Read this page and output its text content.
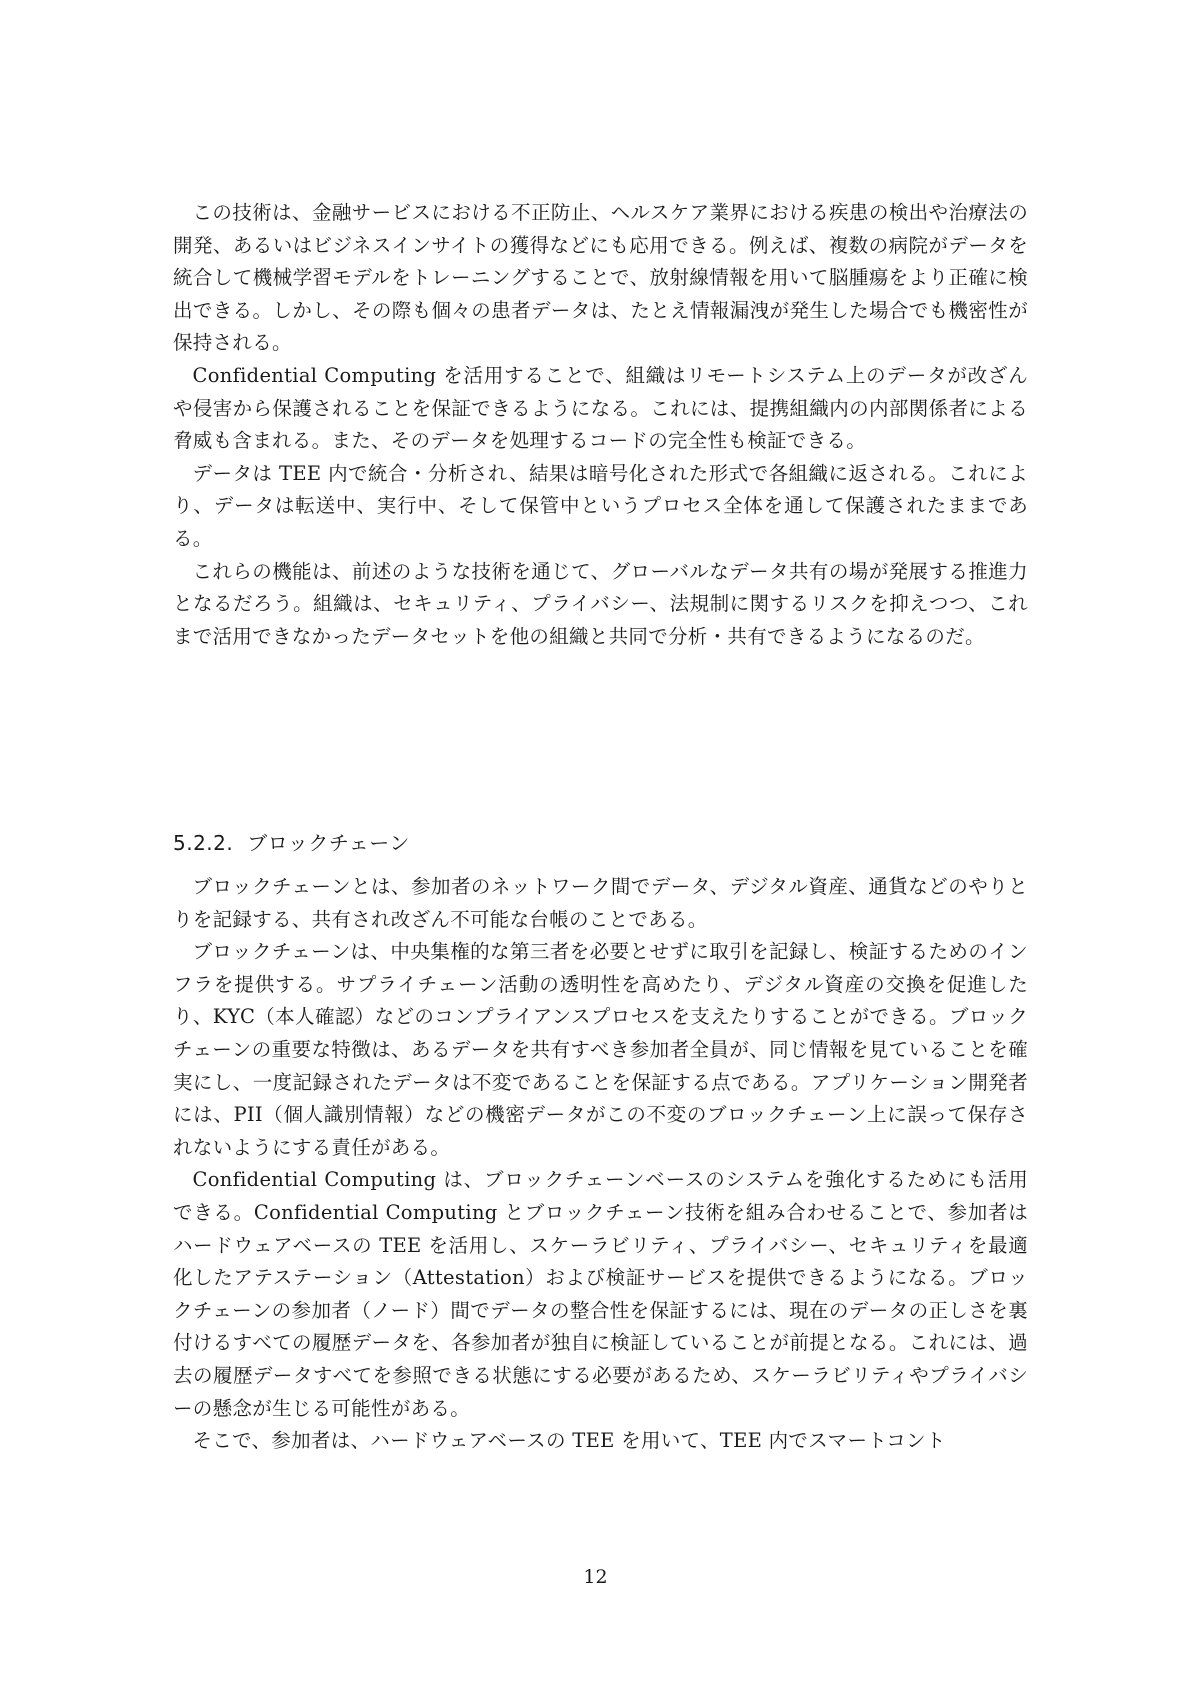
この技術は、金融サービスにおける不正防止、ヘルスケア業界における疾患の検出や治療法の開発、あるいはビジネスインサイトの獲得などにも応用できる。例えば、複数の病院がデータを統合して機械学習モデルをトレーニングすることで、放射線情報を用いて脳腫瘍をより正確に検出できる。しかし、その際も個々の患者データは、たとえ情報漏洩が発生した場合でも機密性が保持される。

Confidential Computing を活用することで、組織はリモートシステム上のデータが改ざんや侵害から保護されることを保証できるようになる。これには、提携組織内の内部関係者による脅威も含まれる。また、そのデータを処理するコードの完全性も検証できる。

データは TEE 内で統合・分析され、結果は暗号化された形式で各組織に返される。これにより、データは転送中、実行中、そして保管中というプロセス全体を通して保護されたままである。

これらの機能は、前述のような技術を通じて、グローバルなデータ共有の場が発展する推進力となるだろう。組織は、セキュリティ、プライバシー、法規制に関するリスクを抑えつつ、これまで活用できなかったデータセットを他の組織と共同で分析・共有できるようになるのだ。

5.2.2. ブロックチェーン

ブロックチェーンとは、参加者のネットワーク間でデータ、デジタル資産、通貨などのやりとりを記録する、共有され改ざん不可能な台帳のことである。

ブロックチェーンは、中央集権的な第三者を必要とせずに取引を記録し、検証するためのインフラを提供する。サプライチェーン活動の透明性を高めたり、デジタル資産の交換を促進したり、KYC（本人確認）などのコンプライアンスプロセスを支えたりすることができる。ブロックチェーンの重要な特徴は、あるデータを共有すべき参加者全員が、同じ情報を見ていることを確実にし、一度記録されたデータは不変であることを保証する点である。アプリケーション開発者には、PII（個人識別情報）などの機密データがこの不変のブロックチェーン上に誤って保存されないようにする責任がある。

Confidential Computing は、ブロックチェーンベースのシステムを強化するためにも活用できる。Confidential Computing とブロックチェーン技術を組み合わせることで、参加者はハードウェアベースの TEE を活用し、スケーラビリティ、プライバシー、セキュリティを最適化したアテステーション（Attestation）および検証サービスを提供できるようになる。ブロックチェーンの参加者（ノード）間でデータの整合性を保証するには、現在のデータの正しさを裏付けるすべての履歴データを、各参加者が独自に検証していることが前提となる。これには、過去の履歴データすべてを参照できる状態にする必要があるため、スケーラビリティやプライバシーの懸念が生じる可能性がある。

そこで、参加者は、ハードウェアベースの TEE を用いて、TEE 内でスマートコント

12
